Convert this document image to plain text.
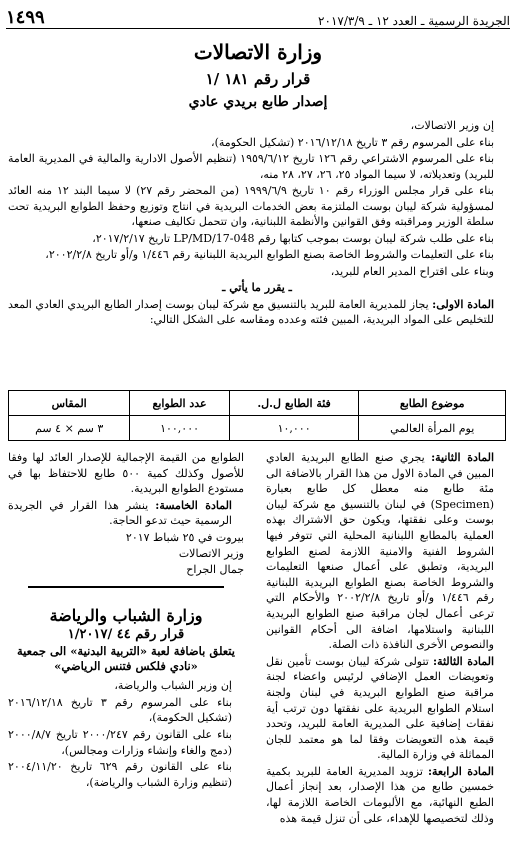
الجريدة الرسمية ـ العدد ١٢ ـ ٢٠١٧/٣/٩
١٤٩٩
وزارة الاتصالات
قرار رقم ١٨١ /١
إصدار طابع بريدي عادي

إن وزير الاتصالات،

بناء على المرسوم رقم ٣ تاريخ ٢٠١٦/١٢/١٨ (تشكيل الحكومة)،

بناء على المرسوم الاشتراعي رقم ١٢٦ تاريخ ١٩٥٩/٦/١٢ (تنظيم الأصول الادارية والمالية في المديرية العامة للبريد) وتعديلاته، لا سيما المواد ٢٥، ٢٦، ٢٧، ٢٨ منه،

بناء على قرار مجلس الوزراء رقم ١٠ تاريخ ١٩٩٩/٦/٩ (من المحضر رقم ٢٧) لا سيما البند ١٢ منه العائد لمسؤولية شركة ليبان بوست الملتزمة بعض الخدمات البريدية في انتاج وتوزيع وحفظ الطوابع البريدية تحت سلطة الوزير ومراقبته وفق القوانين والأنظمة اللبنانية، وان تتحمل تكاليف صنعها،

بناء على طلب شركة ليبان بوست بموجب كتابها رقم LP/MD/17-048 تاريخ ٢٠١٧/٢/١٧،

بناء على التعليمات والشروط الخاصة بصنع الطوابع البريدية اللبنانية رقم ١/٤٤٦ و/أو تاريخ ٢٠٠٢/٢/٨،

وبناء على اقتراح المدير العام للبريد،

ـ يقرر ما يأتي ـ

المادة الاولى: يجاز للمديرية العامة للبريد بالتنسيق مع شركة ليبان بوست إصدار الطابع البريدي العادي المعد للتخليص على المواد البريدية، المبين فئته وعدده ومقاسه على الشكل التالي:

موضوع الطابع	فئة الطابع ل.ل.	عدد الطوابع	المقاس
يوم المرأة العالمي	١٠,٠٠٠	١٠٠,٠٠٠	٣ سم × ٤ سم

المادة الثانية: يجري صنع الطابع البريدية العادي المبين في المادة الاول من هذا القرار بالاضافة الى مئة طابع منه معطل كل طابع بعبارة (Specimen) في لبنان بالتنسيق مع شركة ليبان بوست وعلى نفقتها، ويكون حق الاشتراك بهذه العملية بالمطابع اللبنانية المحلية التي تتوفر فيها الشروط الفنية والامنية اللازمة لصنع الطوابع البريدية، وتطبق على أعمال صنعها التعليمات والشروط الخاصة بصنع الطوابع البريدية اللبنانية رقم ١/٤٤٦ و/أو تاريخ ٢٠٠٢/٢/٨ والأحكام التي ترعى أعمال لجان مراقبة صنع الطوابع البريدية اللبنانية واستلامها، اضافة الى أحكام القوانين والنصوص الأخرى النافذة ذات الصلة.

المادة الثالثة: تتولى شركة ليبان بوست تأمين نقل وتعويضات العمل الإضافي لرئيس واعضاء لجنة مراقبة صنع الطوابع البريدية في لبنان ولجنة استلام الطوابع البريدية على نفقتها دون ترتب أية نفقات إضافية على المديرية العامة للبريد، وتحدد قيمة هذه التعويضات وفقا لما هو معتمد للجان المماثلة في وزارة المالية.

المادة الرابعة: تزويد المديرية العامة للبريد بكمية خمسين طابع من هذا الإصدار، بعد إنجاز أعمال الطبع النهائية، مع الألبومات الخاصة اللازمة لها، وذلك لتخصيصها للإهداء، على أن تنزل قيمة هذه

الطوابع من القيمة الإجمالية للإصدار العائد لها وفقا للأصول وكذلك كمية ٥٠٠ طابع للاحتفاظ بها في مستودع الطوابع البريدية.

المادة الخامسة: ينشر هذا القرار في الجريدة الرسمية حيث تدعو الحاجة.

بيروت في ٢٥ شباط ٢٠١٧
وزير الاتصالات
جمال الجراح
وزارة الشباب والرياضة
قرار رقم ٤٤ /١/٢٠١٧
يتعلق باضافة لعبة «التربية البدنية» الى جمعية «نادي فلكس فتنس الرياضي»

إن وزير الشباب والرياضة،

بناء على المرسوم رقم ٣ تاريخ ٢٠١٦/١٢/١٨ (تشكيل الحكومة)،

بناء على القانون رقم ٢٠٠٠/٢٤٧ تاريخ ٢٠٠٠/٨/٧ (دمج والغاء وإنشاء وزارات ومجالس)،

بناء على القانون رقم ٦٢٩ تاريخ ٢٠٠٤/١١/٢٠ (تنظيم وزارة الشباب والرياضة)،
